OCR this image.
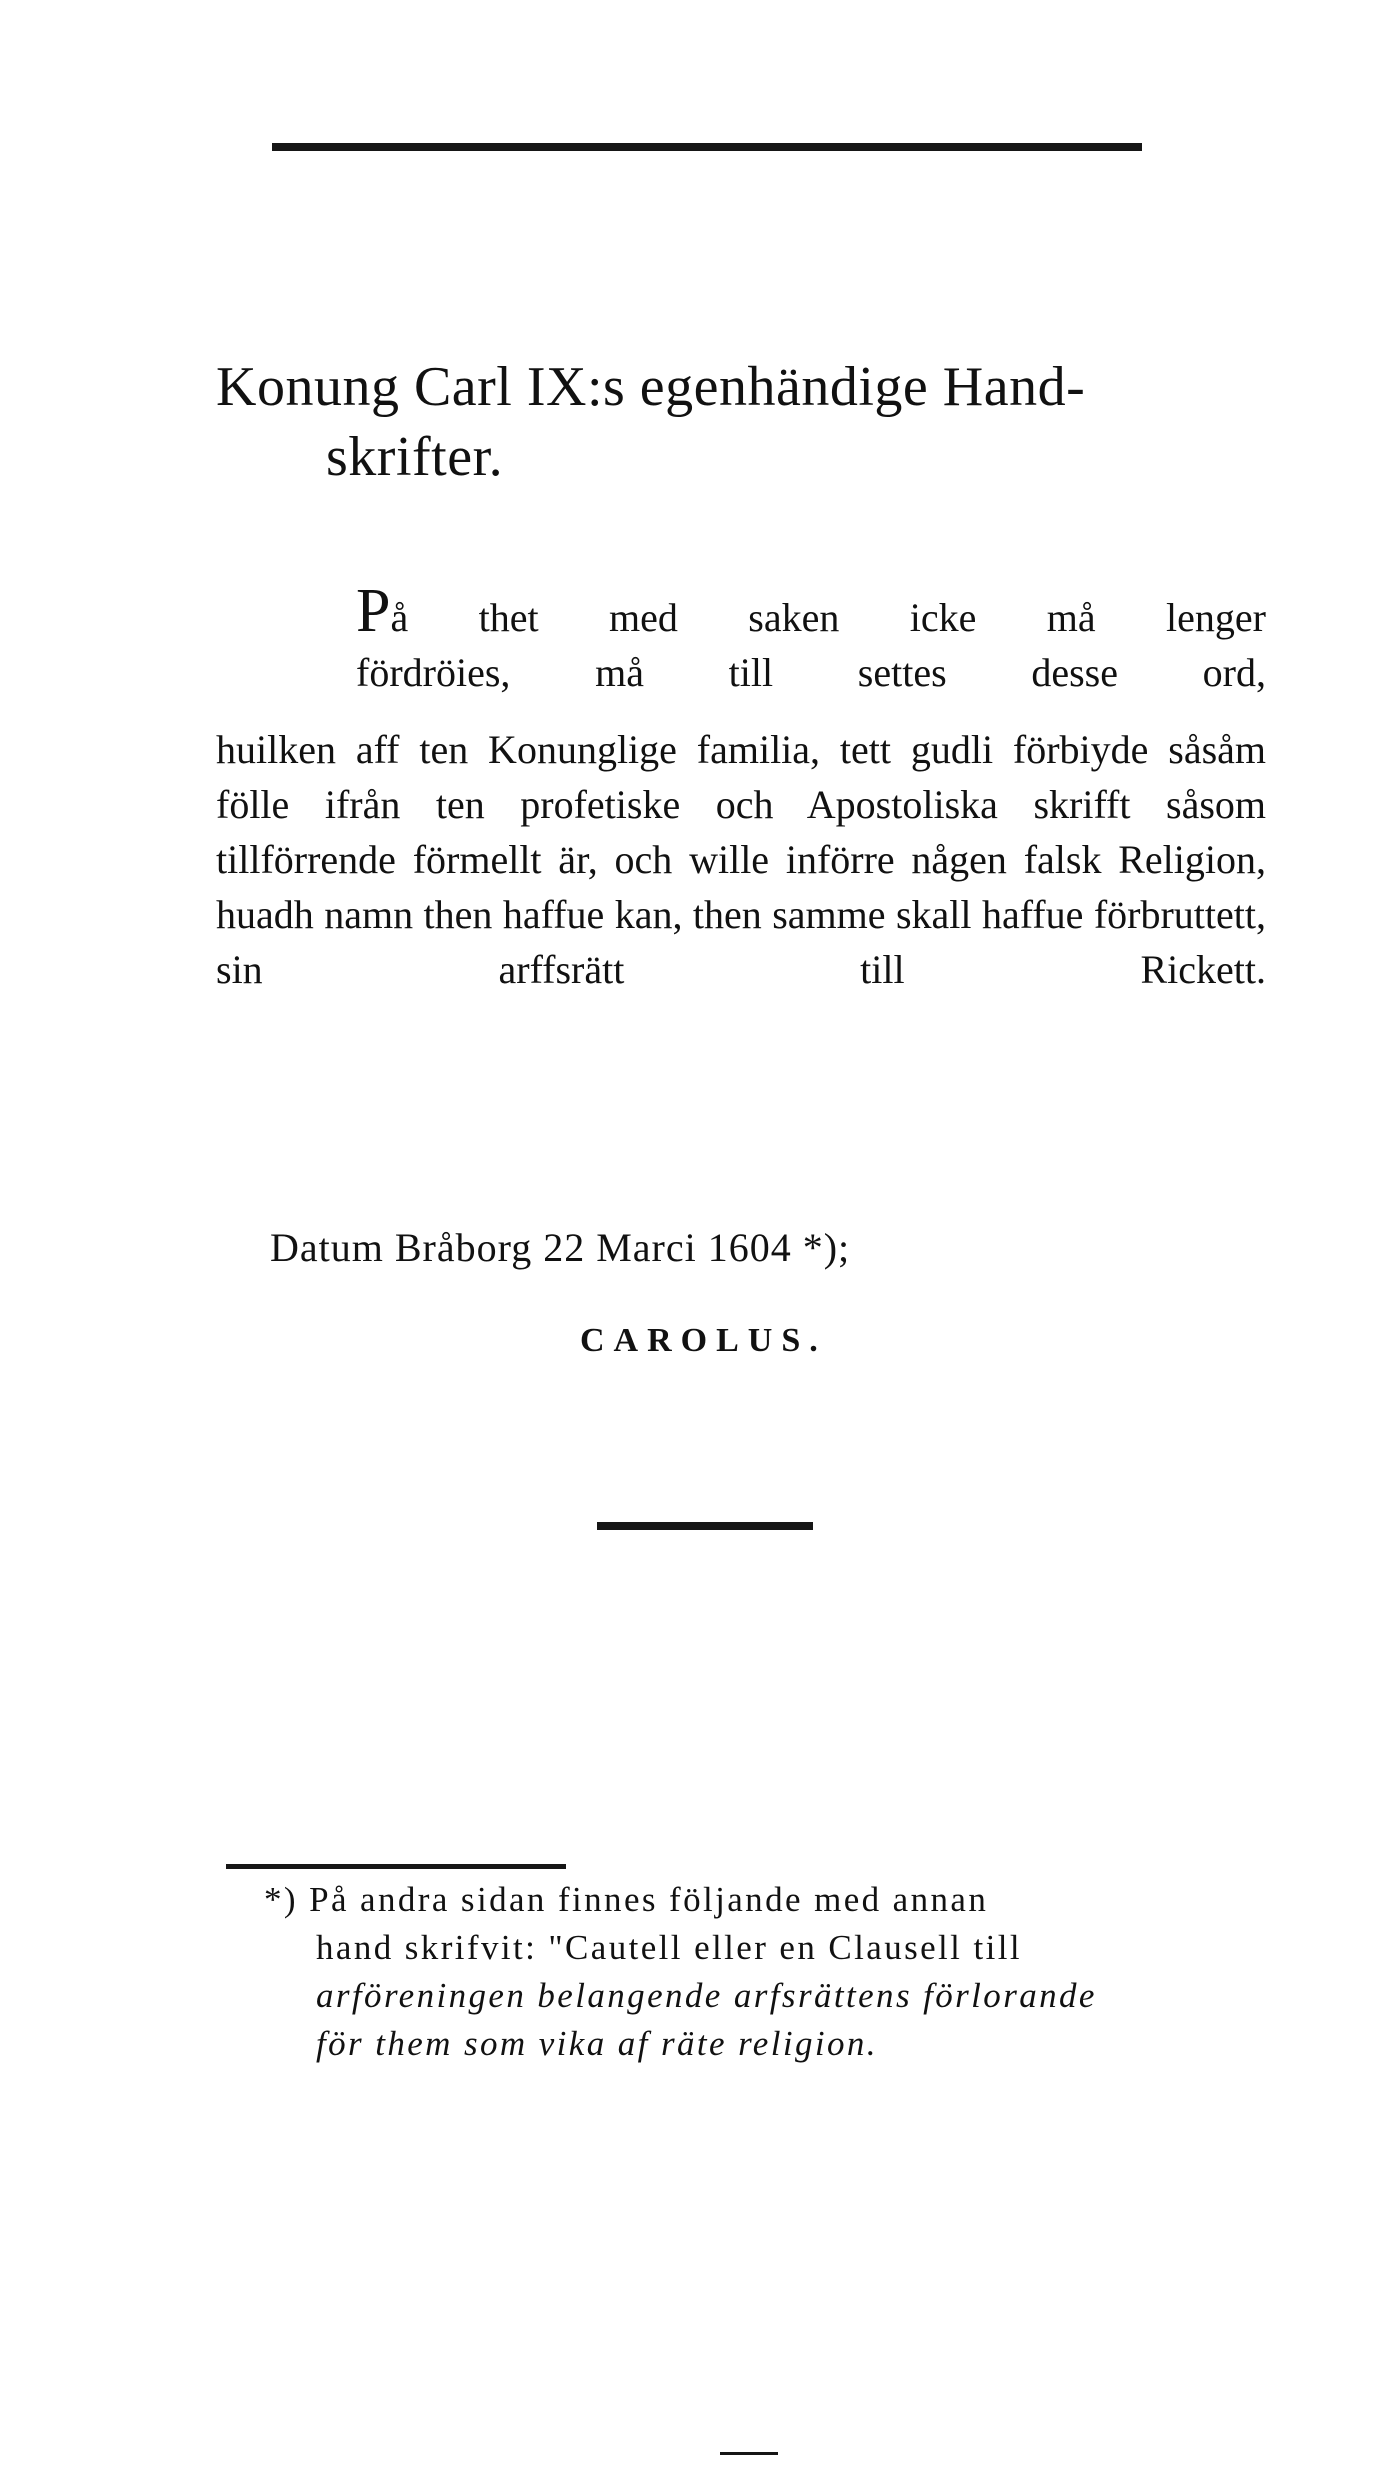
Konung Carl IX:s egenhändige Hand-
skrifter.

På thet med saken icke må lenger

fördröies, må till settes desse ord,

huilken aff ten Konunglige familia, tett gudli förbiyde såsåm fölle ifrån ten profetiske och Apostoliska skrifft såsom tillförrende förmellt är, och wille införre någen falsk Religion, huadh namn then haffue kan, then samme skall haffue förbruttett, sin arffsrätt till Rickett.

Datum Bråborg 22 Marci 1604 *);
CAROLUS.

*) På andra sidan finnes följande med annan

hand skrifvit: "Cautell eller en Clausell till

arföreningen belangende arfsrättens förlorande

för them som vika af räte religion.
